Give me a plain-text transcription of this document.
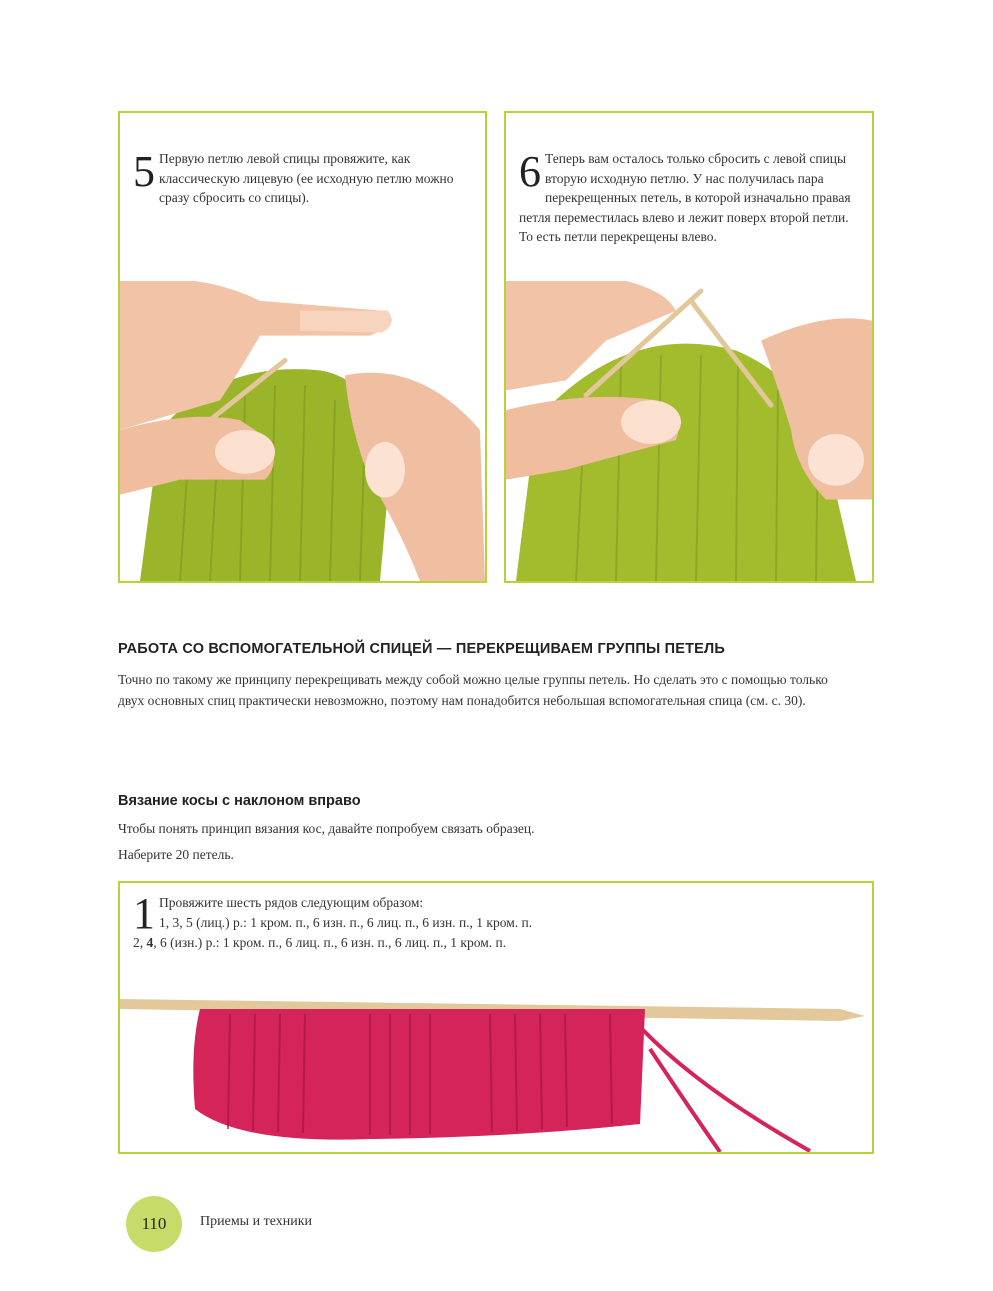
5 Первую петлю левой спицы провяжите, как классическую лицевую (ее исходную петлю можно сразу сбросить со спицы).
6 Теперь вам осталось только сбросить с левой спицы вторую исходную петлю. У нас получилась пара перекрещенных петель, в которой изначально правая петля переместилась влево и лежит поверх второй петли. То есть петли перекрещены влево.
РАБОТА СО ВСПОМОГАТЕЛЬНОЙ СПИЦЕЙ — ПЕРЕКРЕЩИВАЕМ ГРУППЫ ПЕТЕЛЬ
Точно по такому же принципу перекрещивать между собой можно целые группы петель. Но сделать это с помощью только двух основных спиц практически невозможно, поэтому нам понадобится небольшая вспомогательная спица (см. с. 30).
Вязание косы с наклоном вправо
Чтобы понять принцип вязания кос, давайте попробуем связать образец.
Наберите 20 петель.
1 Провяжите шесть рядов следующим образом:
1, 3, 5 (лиц.) р.: 1 кром. п., 6 изн. п., 6 лиц. п., 6 изн. п., 1 кром. п.
2, 4, 6 (изн.) р.: 1 кром. п., 6 лиц. п., 6 изн. п., 6 лиц. п., 1 кром. п.
110 Приемы и техники
